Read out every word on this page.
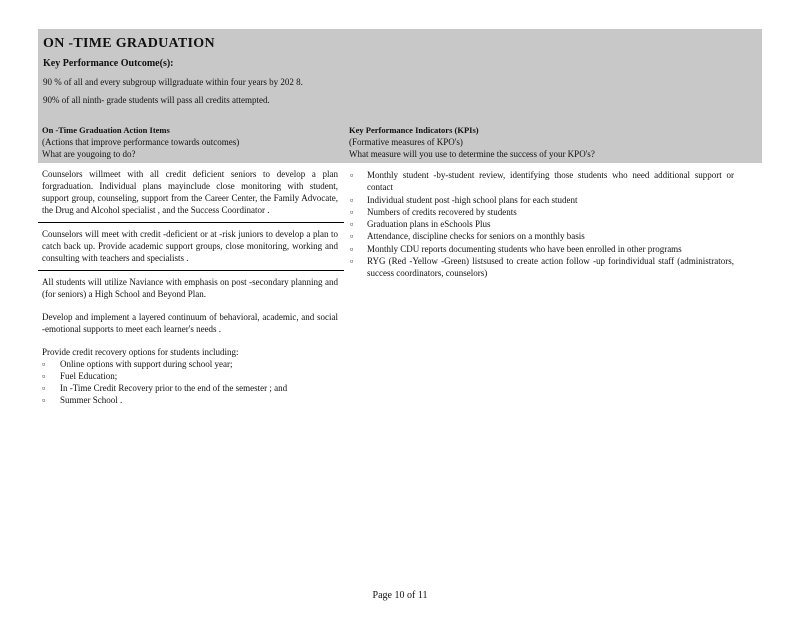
ON -TIME GRADUATION
Key Performance Outcome(s):
90 % of all and every subgroup willgraduate within four years by 202 8.
90% of all ninth- grade students will pass all credits attempted.
On -Time Graduation Action Items
(Actions that improve performance towards outcomes)
What are yougoing to do?
Key Performance Indicators (KPIs)
(Formative measures of KPO's)
What measure will you use to determine the success of your KPO's?

Counselors willmeet with all credit deficient seniors to develop a plan forgraduation. Individual plans mayinclude close monitoring with student, support group, counseling, support from the Career Center, the Family Advocate, the Drug and Alcohol specialist , and the Success Coordinator .

Counselors will meet with credit -deficient or at -risk juniors to develop a plan to catch back up. Provide academic support groups, close monitoring, working and consulting with teachers and specialists .

All students will utilize Naviance with emphasis on post -secondary planning and (for seniors) a High School and Beyond Plan.

Develop and implement a layered continuum of behavioral, academic, and social -emotional supports to meet each learner's needs .

Provide credit recovery options for students including:

▫ Online options with support during school year;
▫ Fuel Education;
▫ In -Time Credit Recovery prior to the end of the semester ; and
▫ Summer School .
▫ Monthly student -by-student review, identifying those students who need additional support or contact
▫ Individual student post -high school plans for each student
▫ Numbers of credits recovered by students
▫ Graduation plans in eSchools Plus
▫ Attendance, discipline checks for seniors on a monthly basis
▫ Monthly CDU reports documenting students who have been enrolled in other programs
▫ RYG (Red -Yellow -Green) listsused to create action follow -up forindividual staff (administrators, success coordinators, counselors)
Page 10 of 11
